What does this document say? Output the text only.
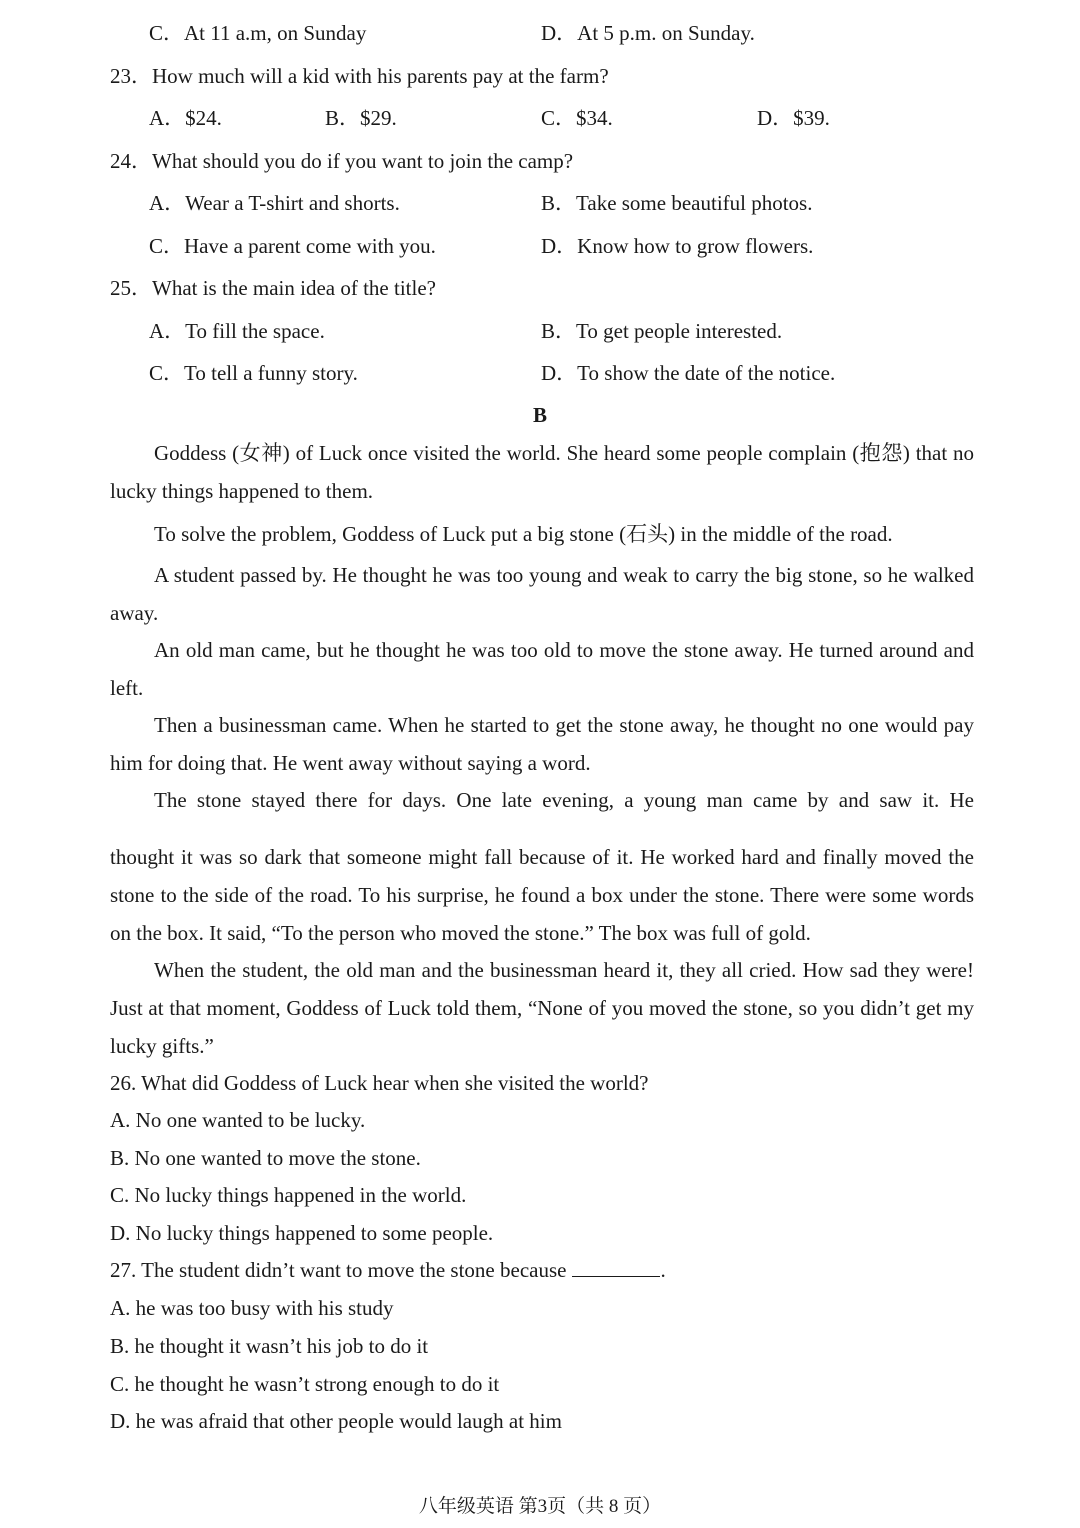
C．At 11 a.m, on Sunday	D．At 5 p.m. on Sunday.
23．How much will a kid with his parents pay at the farm?
A．$24.	B．$29.	C．$34.	D．$39.
24．What should you do if you want to join the camp?
A．Wear a T-shirt and shorts.	B．Take some beautiful photos.
C．Have a parent come with you.	D．Know how to grow flowers.
25．What is the main idea of the title?
A．To fill the space.	B．To get people interested.
C．To tell a funny story.	D．To show the date of the notice.
B
Goddess (女神) of Luck once visited the world. She heard some people complain (抱怨) that no lucky things happened to them.
To solve the problem, Goddess of Luck put a big stone (石头) in the middle of the road.
A student passed by. He thought he was too young and weak to carry the big stone, so he walked away.
An old man came, but he thought he was too old to move the stone away. He turned around and left.
Then a businessman came. When he started to get the stone away, he thought no one would pay him for doing that. He went away without saying a word.
The stone stayed there for days. One late evening, a young man came by and saw it. He
thought it was so dark that someone might fall because of it. He worked hard and finally moved the stone to the side of the road. To his surprise, he found a box under the stone. There were some words on the box. It said, “To the person who moved the stone.” The box was full of gold.
When the student, the old man and the businessman heard it, they all cried. How sad they were! Just at that moment, Goddess of Luck told them, “None of you moved the stone, so you didn’t get my lucky gifts.”
26. What did Goddess of Luck hear when she visited the world?
A. No one wanted to be lucky.
B. No one wanted to move the stone.
C. No lucky things happened in the world.
D. No lucky things happened to some people.
27. The student didn’t want to move the stone because	.
A. he was too busy with his study
B. he thought it wasn’t his job to do it
C. he thought he wasn’t strong enough to do it
D. he was afraid that other people would laugh at him
八年级英语 第3页（共 8 页）
